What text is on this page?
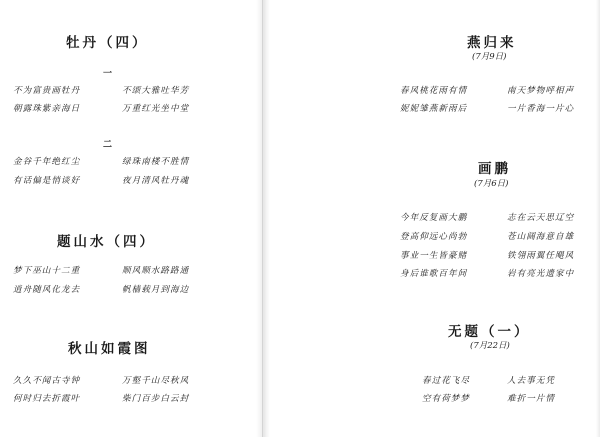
牡丹（四）
一
不为富贵画牡丹	不颂大雅吐华芳
朝露珠紫亲海日	万重红光坐中堂
二
金谷千年绝红尘	绿珠南楼不胜情
有话偏是悄谈好	夜月清风牡丹魂
题山水（四）
梦下巫山十二重	顺风顺水路路通
逍舟随风化龙去	帆樯载月到海边
秋山如霞图
久久不闻古寺钟	万壑千山尽秋风
何时归去折霞叶	柴门百步白云封
燕归来
(7月9日)
春风桃花雨有情	南天梦物呼相声
妮妮雏燕新雨后	一片香海一片心
画鹏
(7月6日)
今年反复画大鹏	志在云天思辽空
登高仰远心尚勃	苍山阔海意自雄
事业一生皆豪赌	铁翎雨翼任飓风
身后谁歌百年间	岩有亮光遗家中
无题（一）
(7月22日)
春过花飞尽	人去事无凭
空有荷梦梦	难折一片情
